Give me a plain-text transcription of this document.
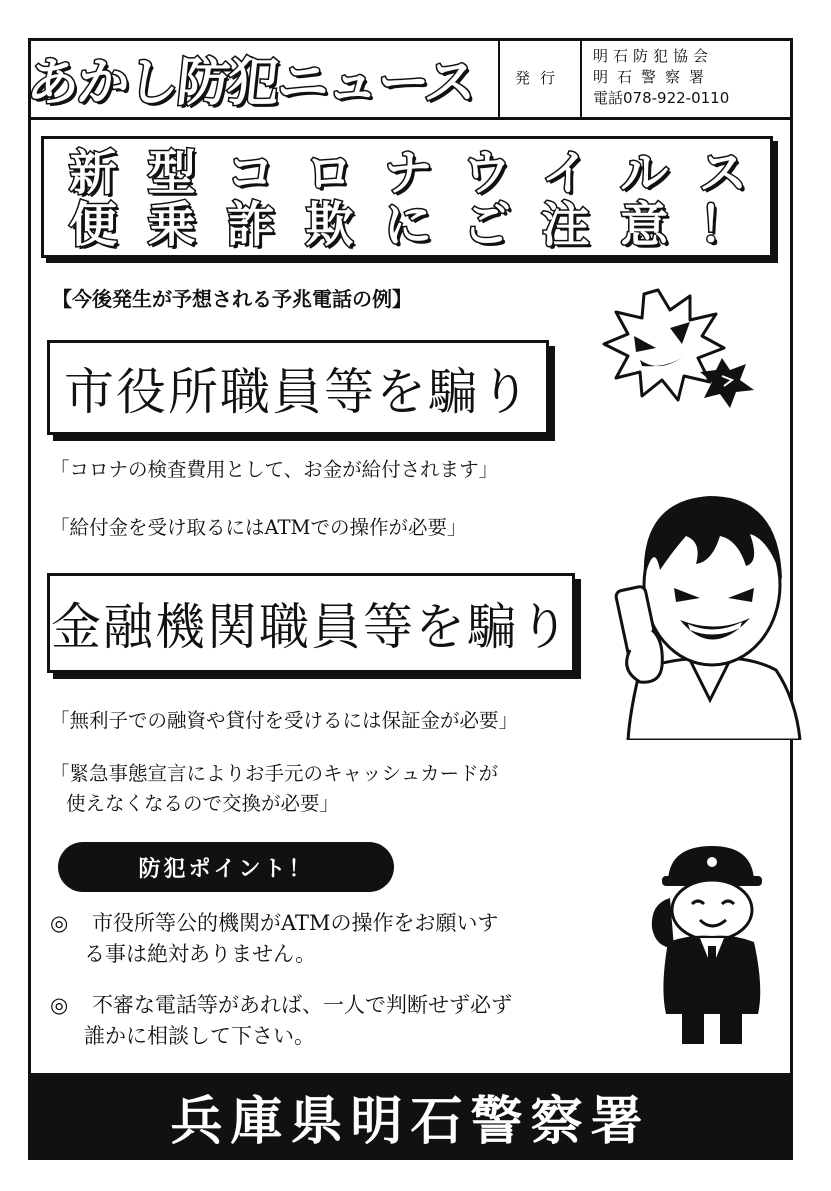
あかし防犯ニュース	発行
明石防犯協会
明石警察署
電話078-922-0110
新 型 コ ロ ナ ウ イ ル ス
便 乗 詐 欺 に ご 注 意 ！
【今後発生が予想される予兆電話の例】
市役所職員等を騙り
「コロナの検査費用として、お金が給付されます」
「給付金を受け取るにはATMでの操作が必要」
金融機関職員等を騙り
「無利子での融資や貸付を受けるには保証金が必要」
「緊急事態宣言によりお手元のキャッシュカードが
使えなくなるので交換が必要」
防犯ポイント！
◎ 市役所等公的機関がATMの操作をお願いす
る事は絶対ありません。
◎ 不審な電話等があれば、一人で判断せず必ず
誰かに相談して下さい。
兵庫県明石警察署
